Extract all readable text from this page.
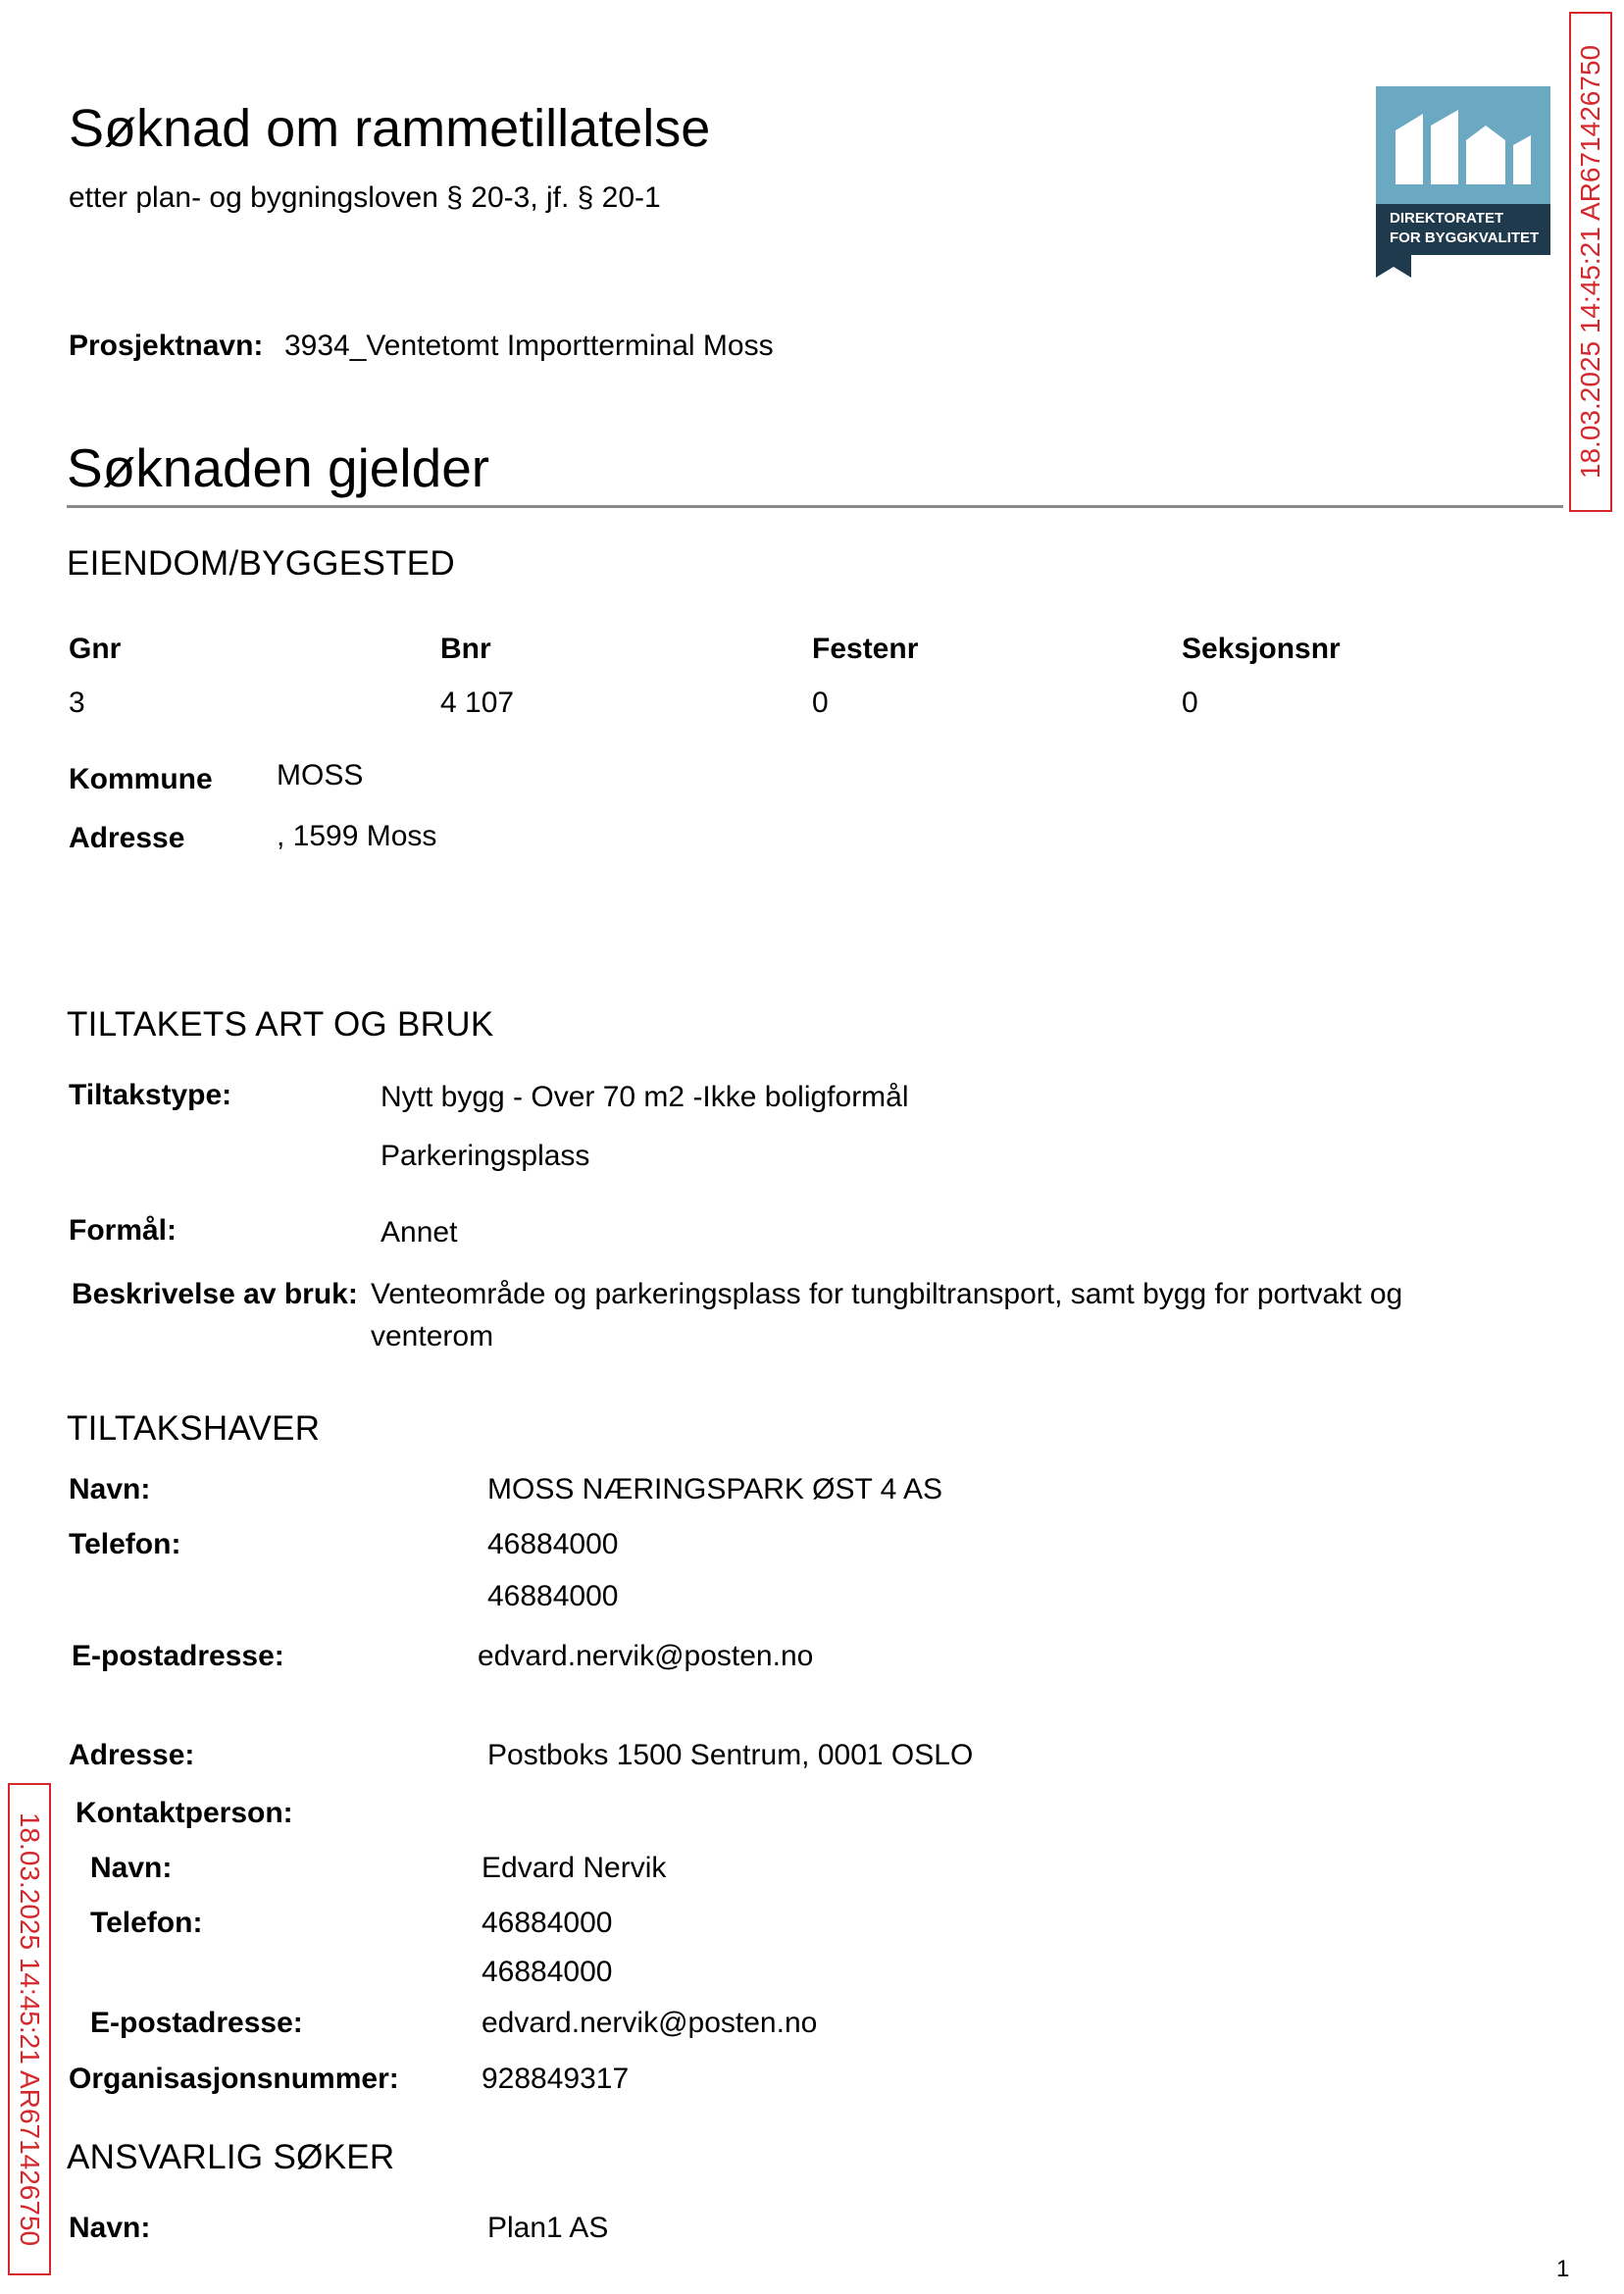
Søknad om rammetillatelse
etter plan- og bygningsloven § 20-3, jf. § 20-1
DIREKTORATET
FOR BYGGKVALITET 18.03.2025 14:45:21 AR671426750
Prosjektnavn: 3934_Ventetomt Importterminal Moss
Søknaden gjelder
EIENDOM/BYGGESTED
Gnr	Bnr	Festenr	Seksjonsnr
3	4 107	0	0
Kommune MOSS
Adresse	, 1599 Moss
TILTAKETS ART OG BRUK
Tiltakstype:	Nytt bygg - Over 70 m2 -Ikke boligformål
Parkeringsplass
Formål:	Annet
Beskrivelse av bruk: Venteområde og parkeringsplass for tungbiltransport, samt bygg for portvakt og
venterom
TILTAKSHAVER
Navn:	MOSS NÆRINGSPARK ØST 4 AS
Telefon:	46884000
46884000
E-postadresse:	edvard.nervik@posten.no
18.03.2025 14:45:21 AR671426750
Adresse:	Postboks 1500 Sentrum, 0001 OSLO
Kontaktperson:
Navn:	Edvard Nervik
Telefon:	46884000
46884000
E-postadresse:	edvard.nervik@posten.no
Organisasjonsnummer:	928849317
ANSVARLIG SØKER
Navn:	Plan1 AS
1
